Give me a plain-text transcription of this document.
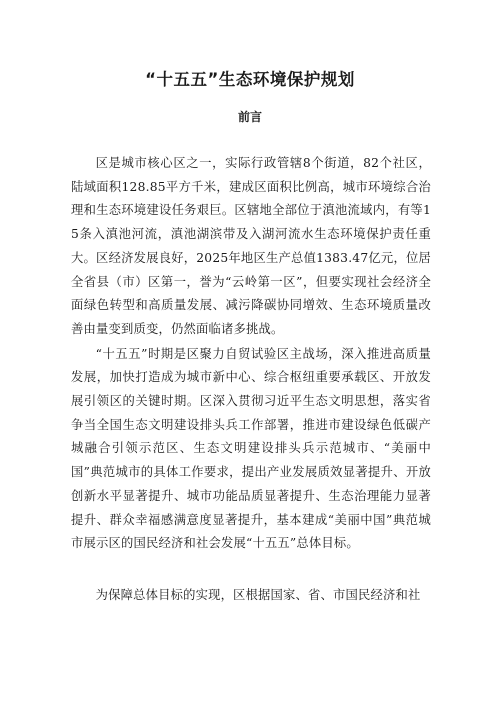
“十五五”生态环境保护规划
前言

区是城市核心区之一，实际行政管辖8个街道，82个社区，陆域面积128.85平方千米，建成区面积比例高，城市环境综合治理和生态环境建设任务艰巨。区辖地全部位于滇池流域内，有等15条入滇池河流，滇池湖滨带及入湖河流水生态环境保护责任重大。区经济发展良好，2025年地区生产总值1383.47亿元，位居全省县（市）区第一，誉为“云岭第一区”，但要实现社会经济全面绿色转型和高质量发展、减污降碳协同增效、生态环境质量改善由量变到质变，仍然面临诸多挑战。

“十五五”时期是区聚力自贸试验区主战场，深入推进高质量发展，加快打造成为城市新中心、综合枢纽重要承载区、开放发展引领区的关键时期。区深入贯彻习近平生态文明思想，落实省争当全国生态文明建设排头兵工作部署，推进市建设绿色低碳产城融合引领示范区、生态文明建设排头兵示范城市、“美丽中国”典范城市的具体工作要求，提出产业发展质效显著提升、开放创新水平显著提升、城市功能品质显著提升、生态治理能力显著提升、群众幸福感满意度显著提升，基本建成“美丽中国”典范城市展示区的国民经济和社会发展“十五五”总体目标。

为保障总体目标的实现，区根据国家、省、市国民经济和社
